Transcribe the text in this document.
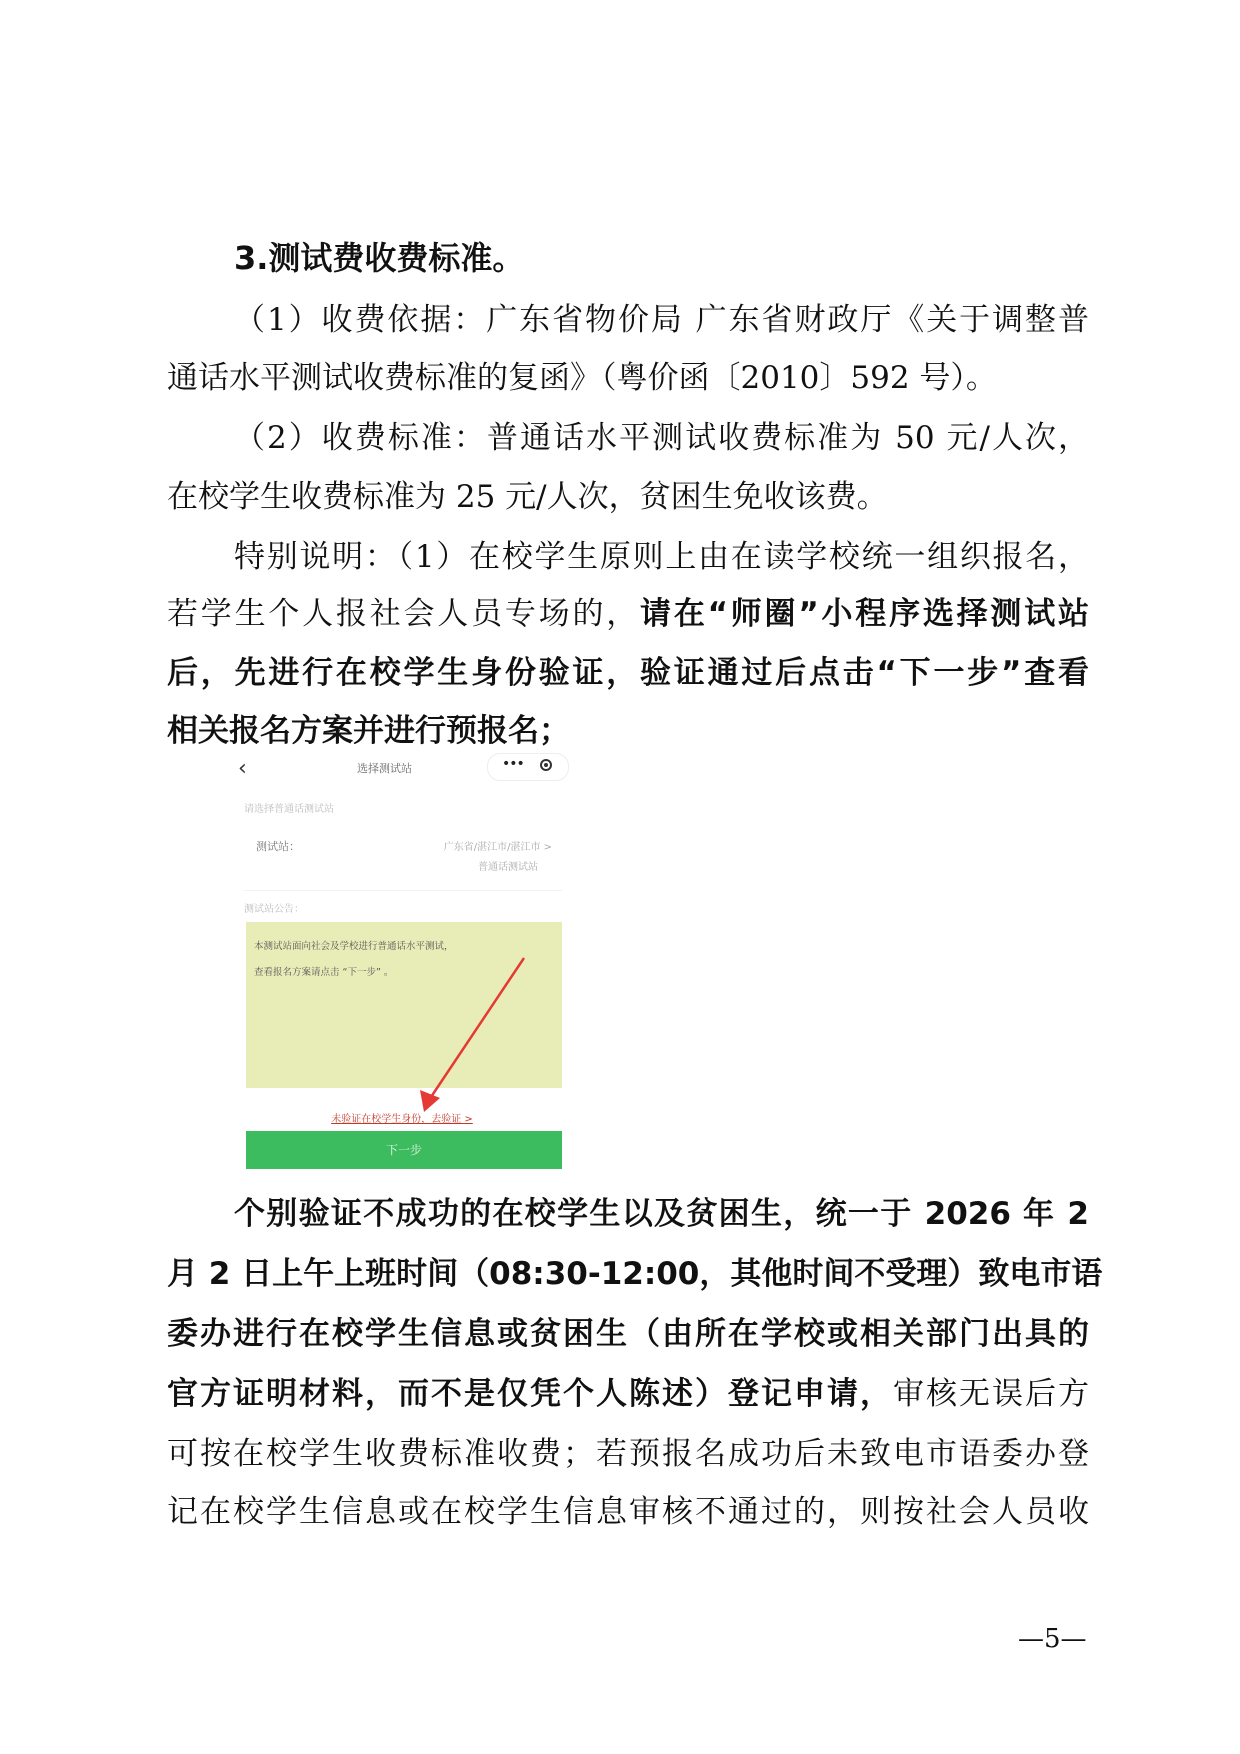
3.测试费收费标准。
（1）收费依据：广东省物价局 广东省财政厅《关于调整普
通话水平测试收费标准的复函》（粤价函〔2010〕592 号）。
（2）收费标准：普通话水平测试收费标准为 50 元/人次，
在校学生收费标准为 25 元/人次，贫困生免收该费。
特别说明：（1）在校学生原则上由在读学校统一组织报名，
若学生个人报社会人员专场的，请在“师圈”小程序选择测试站
后，先进行在校学生身份验证，验证通过后点击“下一步”查看
相关报名方案并进行预报名；
‹	选择测试站	•••
请选择普通话测试站
测试站：	广东省/湛江市/湛江市 >
普通话测试站
测试站公告：
本测试站面向社会及学校进行普通话水平测试，
查看报名方案请点击 “下一步” 。
未验证在校学生身份，去验证 >
下一步
个别验证不成功的在校学生以及贫困生，统一于 2026 年 2
月 2 日上午上班时间（08:30-12:00，其他时间不受理）致电市语
委办进行在校学生信息或贫困生（由所在学校或相关部门出具的
官方证明材料，而不是仅凭个人陈述）登记申请，审核无误后方
可按在校学生收费标准收费；若预报名成功后未致电市语委办登
记在校学生信息或在校学生信息审核不通过的，则按社会人员收
—5—
